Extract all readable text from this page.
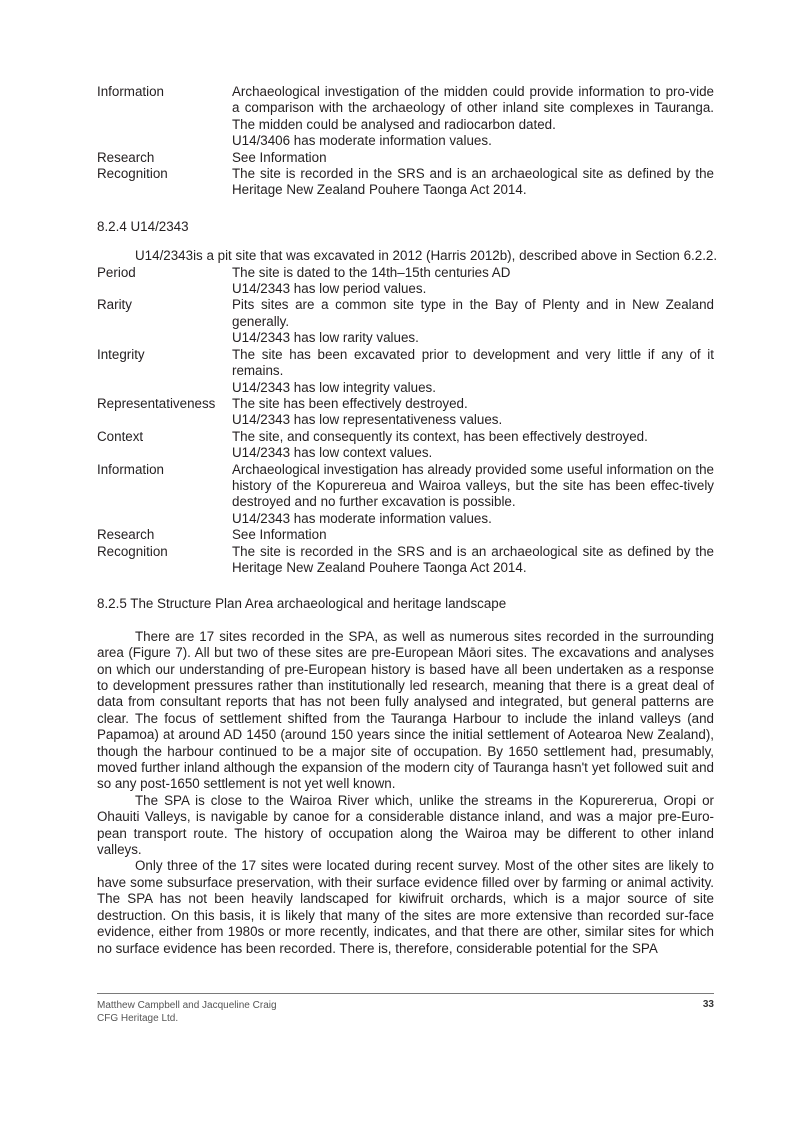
Information	Archaeological investigation of the midden could provide information to pro-vide a comparison with the archaeology of other inland site complexes in Tauranga. The midden could be analysed and radiocarbon dated.
U14/3406 has moderate information values.
Research	See Information
Recognition	The site is recorded in the SRS and is an archaeological site as defined by the Heritage New Zealand Pouhere Taonga Act 2014.
8.2.4 U14/2343
U14/2343is a pit site that was excavated in 2012 (Harris 2012b), described above in Section 6.2.2.
Period	The site is dated to the 14th–15th centuries AD
U14/2343 has low period values.
Rarity	Pits sites are a common site type in the Bay of Plenty and in New Zealand generally.
U14/2343 has low rarity values.
Integrity	The site has been excavated prior to development and very little if any of it remains.
U14/2343 has low integrity values.
Representativeness	The site has been effectively destroyed.
U14/2343 has low representativeness values.
Context	The site, and consequently its context, has been effectively destroyed.
U14/2343 has low context values.
Information	Archaeological investigation has already provided some useful information on the history of the Kopurereua and Wairoa valleys, but the site has been effec-tively destroyed and no further excavation is possible.
U14/2343 has moderate information values.
Research	See Information
Recognition	The site is recorded in the SRS and is an archaeological site as defined by the Heritage New Zealand Pouhere Taonga Act 2014.
8.2.5 The Structure Plan Area archaeological and heritage landscape

There are 17 sites recorded in the SPA, as well as numerous sites recorded in the surrounding area (Figure 7). All but two of these sites are pre-European Māori sites. The excavations and analyses on which our understanding of pre-European history is based have all been undertaken as a response to development pressures rather than institutionally led research, meaning that there is a great deal of data from consultant reports that has not been fully analysed and integrated, but general patterns are clear. The focus of settlement shifted from the Tauranga Harbour to include the inland valleys (and Papamoa) at around AD 1450 (around 150 years since the initial settlement of Aotearoa New Zealand), though the harbour continued to be a major site of occupation. By 1650 settlement had, presumably, moved further inland although the expansion of the modern city of Tauranga hasn't yet followed suit and so any post-1650 settlement is not yet well known.

The SPA is close to the Wairoa River which, unlike the streams in the Kopurererua, Oropi or Ohauiti Valleys, is navigable by canoe for a considerable distance inland, and was a major pre-Euro-pean transport route. The history of occupation along the Wairoa may be different to other inland valleys.

Only three of the 17 sites were located during recent survey. Most of the other sites are likely to have some subsurface preservation, with their surface evidence filled over by farming or animal activity. The SPA has not been heavily landscaped for kiwifruit orchards, which is a major source of site destruction. On this basis, it is likely that many of the sites are more extensive than recorded sur-face evidence, either from 1980s or more recently, indicates, and that there are other, similar sites for which no surface evidence has been recorded. There is, therefore, considerable potential for the SPA

Matthew Campbell and Jacqueline Craig
CFG Heritage Ltd.
33
